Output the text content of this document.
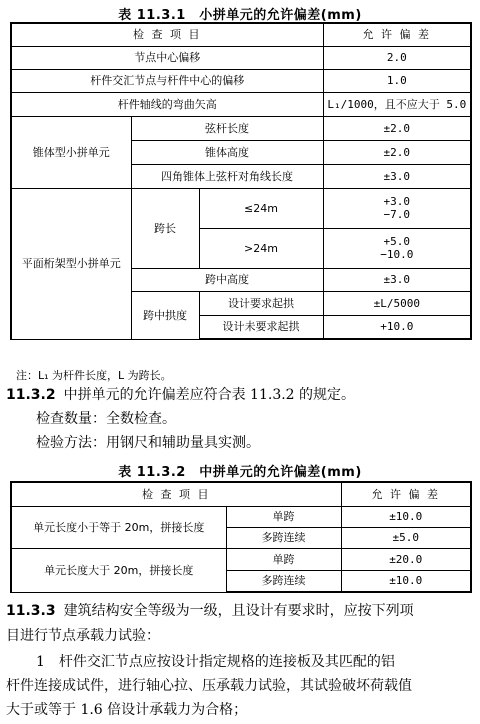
表 11.3.1　小拼单元的允许偏差(mm)
检 查 项 目			允 许 偏 差
节点中心偏移			2.0
杆件交汇节点与杆件中心的偏移			1.0
杆件轴线的弯曲矢高			L₁/1000，且不应大于 5.0
锥体型小拼单元	弦杆长度		±2.0
	锥体高度		±2.0
	四角锥体上弦杆对角线长度		±3.0
平面桁架型小拼单元	跨长	≤24m	+3.0
−7.0

		>24m	+5.0
−10.0

	跨中高度		±3.0
	跨中拱度	设计要求起拱	±L/5000
		设计未要求起拱	+10.0
注：L₁ 为杆件长度，L 为跨长。
11.3.2 中拼单元的允许偏差应符合表 11.3.2 的规定。
检查数量：全数检查。
检验方法：用钢尺和辅助量具实测。
表 11.3.2　中拼单元的允许偏差(mm)
检 查 项 目		允 许 偏 差
单元长度小于等于 20m，拼接长度	单跨	±10.0
	多跨连续	±5.0
单元长度大于 20m，拼接长度	单跨	±20.0
	多跨连续	±10.0
11.3.3 建筑结构安全等级为一级，且设计有要求时，应按下列项
目进行节点承载力试验：
1　杆件交汇节点应按设计指定规格的连接板及其匹配的铝
杆件连接成试件，进行轴心拉、压承载力试验，其试验破坏荷载值
大于或等于 1.6 倍设计承载力为合格；
